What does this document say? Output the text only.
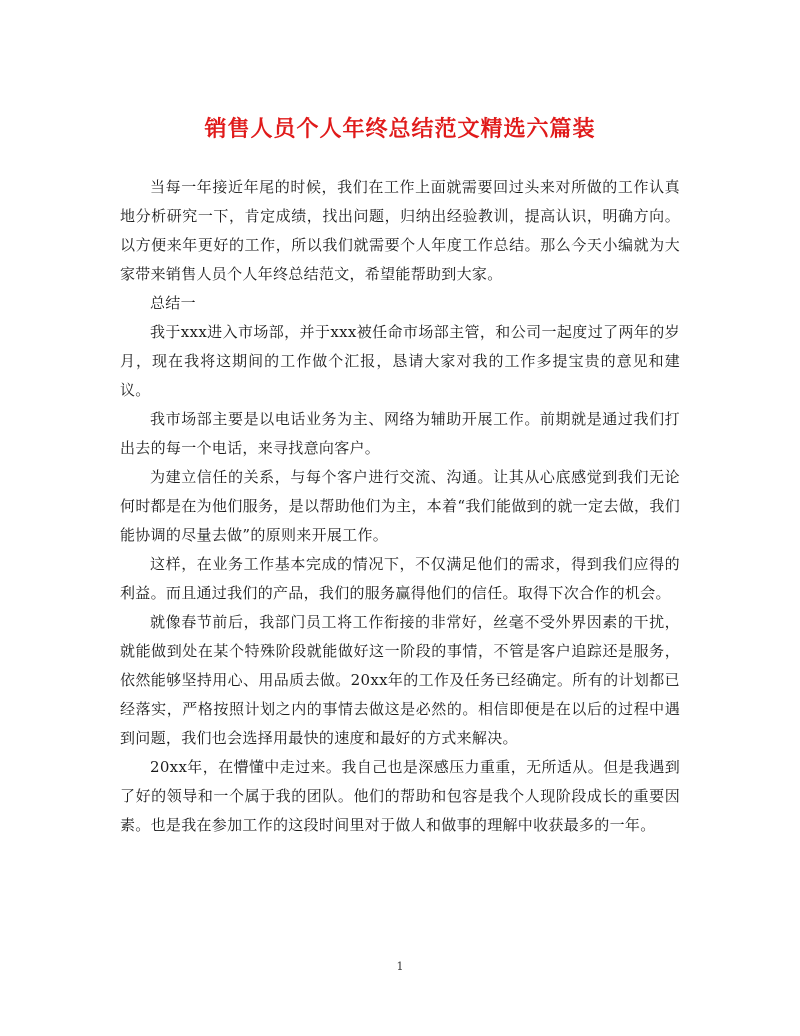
销售人员个人年终总结范文精选六篇装

当每一年接近年尾的时候，我们在工作上面就需要回过头来对所做的工作认真地分析研究一下，肯定成绩，找出问题，归纳出经验教训，提高认识，明确方向。以方便来年更好的工作，所以我们就需要个人年度工作总结。那么今天小编就为大家带来销售人员个人年终总结范文，希望能帮助到大家。

总结一

我于xxx进入市场部，并于xxx被任命市场部主管，和公司一起度过了两年的岁月，现在我将这期间的工作做个汇报，恳请大家对我的工作多提宝贵的意见和建议。

我市场部主要是以电话业务为主、网络为辅助开展工作。前期就是通过我们打出去的每一个电话，来寻找意向客户。

为建立信任的关系，与每个客户进行交流、沟通。让其从心底感觉到我们无论何时都是在为他们服务，是以帮助他们为主，本着“我们能做到的就一定去做，我们能协调的尽量去做”的原则来开展工作。

这样，在业务工作基本完成的情况下，不仅满足他们的需求，得到我们应得的利益。而且通过我们的产品，我们的服务赢得他们的信任。取得下次合作的机会。

就像春节前后，我部门员工将工作衔接的非常好，丝毫不受外界因素的干扰，就能做到处在某个特殊阶段就能做好这一阶段的事情，不管是客户追踪还是服务，依然能够坚持用心、用品质去做。20xx年的工作及任务已经确定。所有的计划都已经落实，严格按照计划之内的事情去做这是必然的。相信即便是在以后的过程中遇到问题，我们也会选择用最快的速度和最好的方式来解决。

20xx年，在懵懂中走过来。我自己也是深感压力重重，无所适从。但是我遇到了好的领导和一个属于我的团队。他们的帮助和包容是我个人现阶段成长的重要因素。也是我在参加工作的这段时间里对于做人和做事的理解中收获最多的一年。

1
